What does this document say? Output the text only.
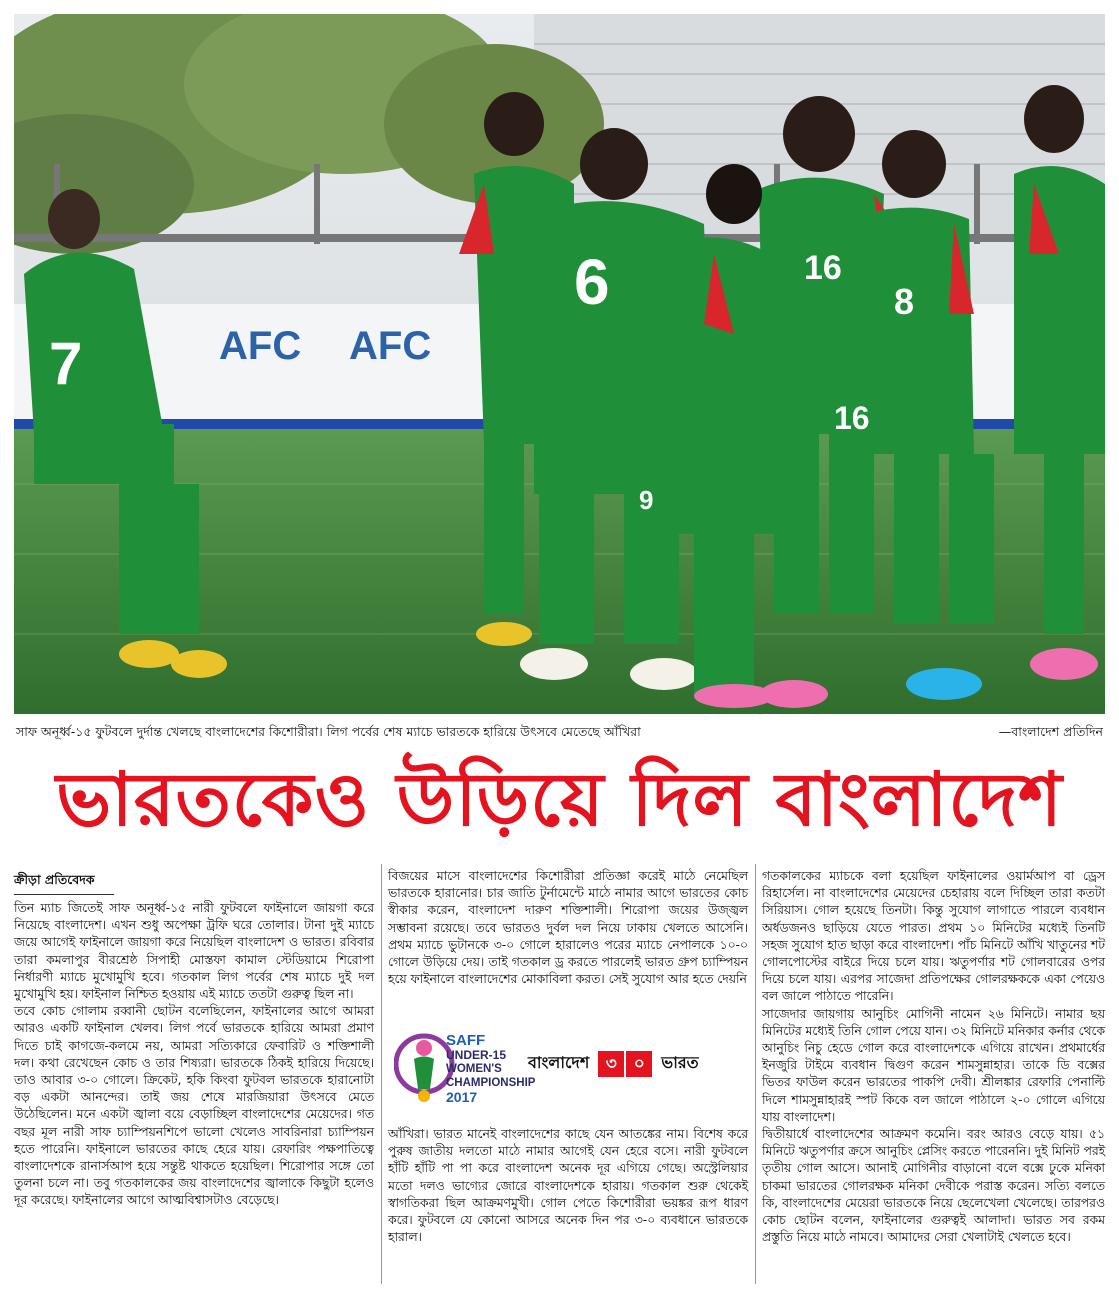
AFC AFC
7
6	16
8
16
9
সাফ অনূর্ধ্ব-১৫ ফুটবলে দুর্দান্ত খেলছে বাংলাদেশের কিশোরীরা। লিগ পর্বের শেষ ম্যাচে ভারতকে হারিয়ে উৎসবে মেতেছে আঁখিরা	—বাংলাদেশ প্রতিদিন
ভারতকেও উড়িয়ে দিল বাংলাদেশ
ক্রীড়া প্রতিবেদক

তিন ম্যাচ জিতেই সাফ অনূর্ধ্ব-১৫ নারী ফুটবলে ফাইনালে জায়গা করে নিয়েছে বাংলাদেশ। এখন শুধু অপেক্ষা ট্রফি ঘরে তোলার। টানা দুই ম্যাচে জয়ে আগেই ফাইনালে জায়গা করে নিয়েছিল বাংলাদেশ ও ভারত। রবিবার তারা কমলাপুর বীরশ্রেষ্ঠ সিপাহী মোস্তফা কামাল স্টেডিয়ামে শিরোপা নির্ধারণী ম্যাচে মুখোমুখি হবে। গতকাল লিগ পর্বের শেষ ম্যাচে দুই দল মুখোমুখি হয়। ফাইনাল নিশ্চিত হওয়ায় এই ম্যাচে ততটা গুরুত্ব ছিল না।

তবে কোচ গোলাম রব্বানী ছোটন বলেছিলেন, ফাইনালের আগে আমরা আরও একটি ফাইনাল খেলব। লিগ পর্বে ভারতকে হারিয়ে আমরা প্রমাণ দিতে চাই কাগজে-কলমে নয়, আমরা সত্যিকারে ফেবারিট ও শক্তিশালী দল। কথা রেখেছেন কোচ ও তার শিষ্যরা। ভারতকে ঠিকই হারিয়ে দিয়েছে। তাও আবার ৩-০ গোলে। ক্রিকেট, হকি কিংবা ফুটবল ভারতকে হারানোটা বড় একটা আনন্দের। তাই জয় শেষে মারজিয়ারা উৎসবে মেতে উঠেছিলেন। মনে একটা জ্বালা বয়ে বেড়াচ্ছিল বাংলাদেশের মেয়েদের। গত বছর মূল নারী সাফ চ্যাম্পিয়নশিপে ভালো খেলেও সাবরিনারা চ্যাম্পিয়ন হতে পারেনি। ফাইনালে ভারতের কাছে হেরে যায়। রেফারিং পক্ষপাতিত্বে বাংলাদেশকে রানার্সআপ হয়ে সন্তুষ্ট থাকতে হয়েছিল। শিরোপার সঙ্গে তো তুলনা চলে না। তবু গতকালকের জয় বাংলাদেশের জ্বালাকে কিছুটা হলেও দূর করেছে। ফাইনালের আগে আত্মবিশ্বাসটাও বেড়েছে।

বিজয়ের মাসে বাংলাদেশের কিশোরীরা প্রতিজ্ঞা করেই মাঠে নেমেছিল ভারতকে হারানোর। চার জাতি টুর্নামেন্টে মাঠে নামার আগে ভারতের কোচ স্বীকার করেন, বাংলাদেশ দারুণ শক্তিশালী। শিরোপা জয়ের উজ্জ্বল সম্ভাবনা রয়েছে। তবে ভারতও দুর্বল দল নিয়ে ঢাকায় খেলতে আসেনি। প্রথম ম্যাচে ভুটানকে ৩-০ গোলে হারালেও পরের ম্যাচে নেপালকে ১০-০ গোলে উড়িয়ে দেয়। তাই গতকাল ড্র করতে পারলেই ভারত গ্রুপ চ্যাম্পিয়ন হয়ে ফাইনালে বাংলাদেশের মোকাবিলা করত। সেই সুযোগ আর হতে দেয়নি

SAFF
UNDER-15
WOMEN'S
CHAMPIONSHIP
2017
বাংলাদেশ ৩ ০	ভারত

আঁখিরা। ভারত মানেই বাংলাদেশের কাছে যেন আতঙ্কের নাম। বিশেষ করে পুরুষ জাতীয় দলতো মাঠে নামার আগেই যেন হেরে বসে। নারী ফুটবলে হাঁটি হাঁটি পা পা করে বাংলাদেশ অনেক দূর এগিয়ে গেছে। অস্ট্রেলিয়ার মতো দলও ভাগ্যের জোরে বাংলাদেশকে হারায়। গতকাল শুরু থেকেই স্বাগতিকরা ছিল আক্রমণমুখী। গোল পেতে কিশোরীরা ভয়ঙ্কর রূপ ধারণ করে। ফুটবলে যে কোনো আসরে অনেক দিন পর ৩-০ ব্যবধানে ভারতকে হারাল।

গতকালকের ম্যাচকে বলা হয়েছিল ফাইনালের ওয়ার্মআপ বা ড্রেস রিহার্সেল। না বাংলাদেশের মেয়েদের চেহারায় বলে দিচ্ছিল তারা কতটা সিরিয়াস। গোল হয়েছে তিনটা। কিন্তু সুযোগ লাগাতে পারলে ব্যবধান অর্ধডজনও ছাড়িয়ে যেতে পারত। প্রথম ১০ মিনিটের মধ্যেই তিনটি সহজ সুযোগ হাত ছাড়া করে বাংলাদেশ। পাঁচ মিনিটে আঁখি খাতুনের শট গোলপোস্টের বাইরে দিয়ে চলে যায়। ঋতুপর্ণার শট গোলবারের ওপর দিয়ে চলে যায়। এরপর সাজেদা প্রতিপক্ষের গোলরক্ষককে একা পেয়েও বল জালে পাঠাতে পারেনি।

সাজেদার জায়গায় আনুচিং মোগিনী নামেন ২৬ মিনিটে। নামার ছয় মিনিটের মধ্যেই তিনি গোল পেয়ে যান। ৩২ মিনিটে মনিকার কর্নার থেকে আনুচিং নিচু হেডে গোল করে বাংলাদেশকে এগিয়ে রাখেন। প্রথমার্ধের ইনজুরি টাইমে ব্যবধান দ্বিগুণ করেন শামসুন্নাহার। তাকে ডি বক্সের ভিতর ফাউল করেন ভারতের পাকপি দেবী। শ্রীলঙ্কার রেফারি পেনাল্টি দিলে শামসুন্নাহারই স্পট কিকে বল জালে পাঠালে ২-০ গোলে এগিয়ে যায় বাংলাদেশ।

দ্বিতীয়ার্ধে বাংলাদেশের আক্রমণ কমেনি। বরং আরও বেড়ে যায়। ৫১ মিনিটে ঋতুপর্ণার ক্রসে আনুচিং প্লেসিং করতে পারেননি। দুই মিনিট পরই তৃতীয় গোল আসে। আনাই মোগিনীর বাড়ানো বলে বক্সে ঢুকে মনিকা চাকমা ভারতের গোলরক্ষক মনিকা দেবীকে পরাস্ত করেন। সত্যি বলতে কি, বাংলাদেশের মেয়েরা ভারতকে নিয়ে ছেলেখেলা খেলেছে। তারপরও কোচ ছোটন বলেন, ফাইনালের গুরুত্বই আলাদা। ভারত সব রকম প্রস্তুতি নিয়ে মাঠে নামবে। আমাদের সেরা খেলাটাই খেলতে হবে।
